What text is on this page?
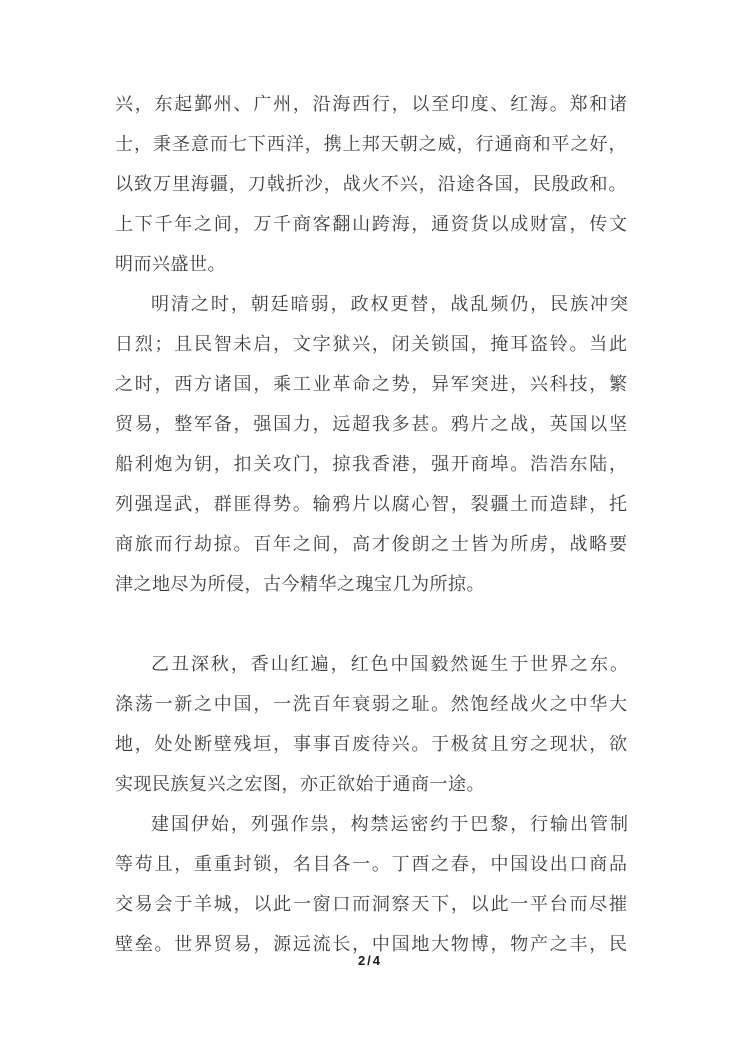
兴，东起鄞州、广州，沿海西行，以至印度、红海。郑和诸
士，秉圣意而七下西洋，携上邦天朝之威，行通商和平之好，
以致万里海疆，刀戟折沙，战火不兴，沿途各国，民殷政和。
上下千年之间，万千商客翻山跨海，通资货以成财富，传文
明而兴盛世。
明清之时，朝廷暗弱，政权更替，战乱频仍，民族冲突
日烈；且民智未启，文字狱兴，闭关锁国，掩耳盗铃。当此
之时，西方诸国，乘工业革命之势，异军突进，兴科技，繁
贸易，整军备，强国力，远超我多甚。鸦片之战，英国以坚
船利炮为钥，扣关攻门，掠我香港，强开商埠。浩浩东陆，
列强逞武，群匪得势。输鸦片以腐心智，裂疆土而造肆，托
商旅而行劫掠。百年之间，高才俊朗之士皆为所虏，战略要
津之地尽为所侵，古今精华之瑰宝几为所掠。
乙丑深秋，香山红遍，红色中国毅然诞生于世界之东。
涤荡一新之中国，一洗百年衰弱之耻。然饱经战火之中华大
地，处处断壁残垣，事事百废待兴。于极贫且穷之现状，欲
实现民族复兴之宏图，亦正欲始于通商一途。
建国伊始，列强作祟，构禁运密约于巴黎，行输出管制
等苟且，重重封锁，名目各一。丁酉之春，中国设出口商品
交易会于羊城，以此一窗口而洞察天下，以此一平台而尽摧
壁垒。世界贸易，源远流长，中国地大物博，物产之丰，民
2/4
